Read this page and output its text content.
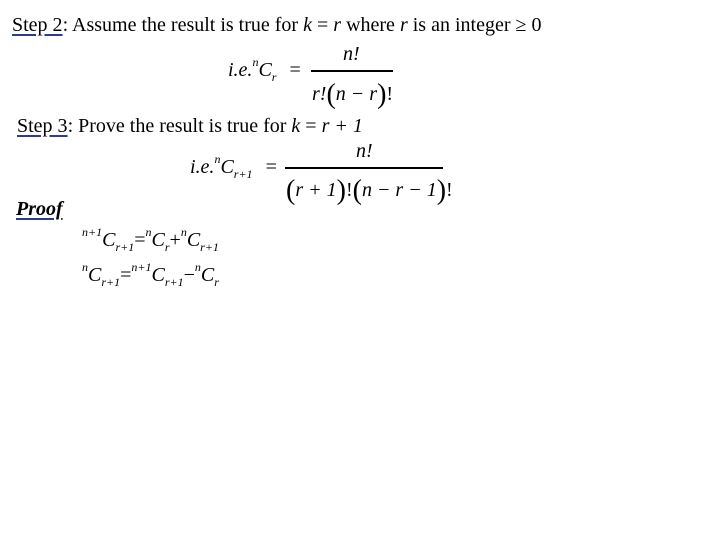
Step 2: Assume the result is true for k = r where r is an integer ≥ 0
$i.e.^nC_r$ =
n!
r!(n − r)!
Step 3: Prove the result is true for k = r + 1
$i.e.^nC_{r+1}$ =
n!
(r + 1)!(n − r − 1)!
Proof
$^{n+1}C_{r+1}=^nC_r+^nC_{r+1}$
$^nC_{r+1}=^{n+1}C_{r+1}-^nC_r$
